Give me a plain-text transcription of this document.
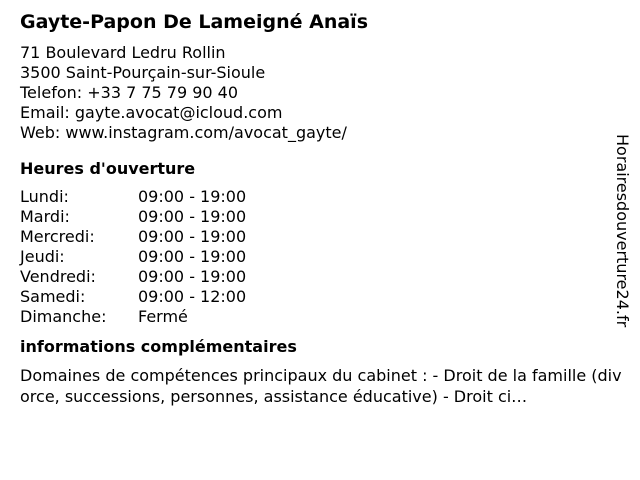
Gayte-Papon De Lameigné Anaïs
71 Boulevard Ledru Rollin
3500 Saint-Pourçain-sur-Sioule
Telefon: +33 7 75 79 90 40
Email: gayte.avocat@icloud.com
Web: www.instagram.com/avocat_gayte/
Heures d'ouverture
Lundi:	09:00 - 19:00
Mardi:	09:00 - 19:00
Mercredi:	09:00 - 19:00
Jeudi:	09:00 - 19:00
Vendredi:	09:00 - 19:00
Samedi:	09:00 - 12:00
Dimanche:	Fermé
informations complémentaires
Domaines de compétences principaux du cabinet : - Droit de la famille (divorce, successions, personnes, assistance éducative) - Droit ci…
Horairesdouverture24.fr
